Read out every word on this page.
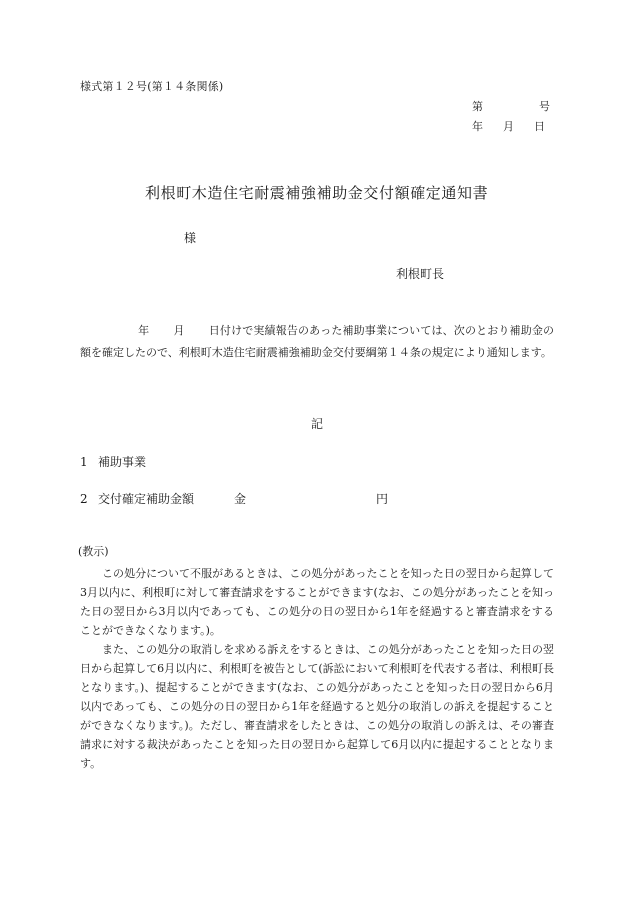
様式第１２号(第１４条関係)
第	号
年 月 日
利根町木造住宅耐震補強補助金交付額確定通知書
様
利根町長

年 月 日付けで実績報告のあった補助事業については、次のとおり補助金の額を確定したので、利根町木造住宅耐震補強補助金交付要綱第１４条の規定により通知します。

記
1 補助事業
2 交付確定補助金額	金	円
(教示)

この処分について不服があるときは、この処分があったことを知った日の翌日から起算して3月以内に、利根町に対して審査請求をすることができます(なお、この処分があったことを知った日の翌日から3月以内であっても、この処分の日の翌日から1年を経過すると審査請求をすることができなくなります。)。

また、この処分の取消しを求める訴えをするときは、この処分があったことを知った日の翌日から起算して6月以内に、利根町を被告として(訴訟において利根町を代表する者は、利根町長となります。)、提起することができます(なお、この処分があったことを知った日の翌日から6月以内であっても、この処分の日の翌日から1年を経過すると処分の取消しの訴えを提起することができなくなります。)。ただし、審査請求をしたときは、この処分の取消しの訴えは、その審査請求に対する裁決があったことを知った日の翌日から起算して6月以内に提起することとなります。
